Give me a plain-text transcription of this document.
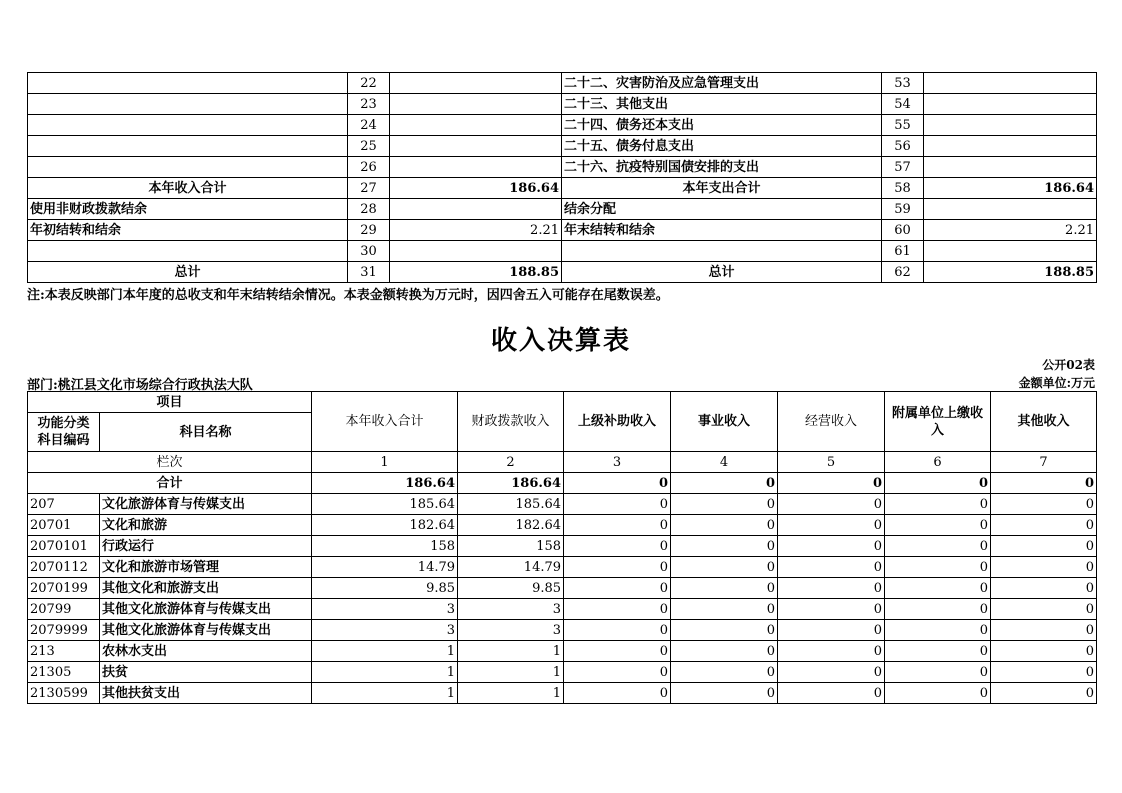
	22		二十二、灾害防治及应急管理支出	53	
	23		二十三、其他支出	54	
	24		二十四、债务还本支出	55	
	25		二十五、债务付息支出	56	
	26		二十六、抗疫特别国债安排的支出	57	
本年收入合计	27	186.64	本年支出合计	58	186.64
使用非财政拨款结余	28		结余分配	59	
年初结转和结余	29	2.21	年末结转和结余	60	2.21
	30			61	
总计	31	188.85	总计	62	188.85
注:本表反映部门本年度的总收支和年末结转结余情况。本表金额转换为万元时，因四舍五入可能存在尾数误差。
收入决算表
公开02表
部门:桃江县文化市场综合行政执法大队	金额单位:万元
项目		本年收入合计	财政拨款收入	上级补助收入	事业收入	经营收入	附属单位上缴收入	其他收入
功能分类
科目编码	科目名称							
栏次		1	2	3	4	5	6	7
合计		186.64	186.64	0	0	0	0	0
207	文化旅游体育与传媒支出	185.64	185.64	0	0	0	0	0
20701	文化和旅游	182.64	182.64	0	0	0	0	0
2070101	行政运行	158	158	0	0	0	0	0
2070112	文化和旅游市场管理	14.79	14.79	0	0	0	0	0
2070199	其他文化和旅游支出	9.85	9.85	0	0	0	0	0
20799	其他文化旅游体育与传媒支出	3	3	0	0	0	0	0
2079999	其他文化旅游体育与传媒支出	3	3	0	0	0	0	0
213	农林水支出	1	1	0	0	0	0	0
21305	扶贫	1	1	0	0	0	0	0
2130599	其他扶贫支出	1	1	0	0	0	0	0
